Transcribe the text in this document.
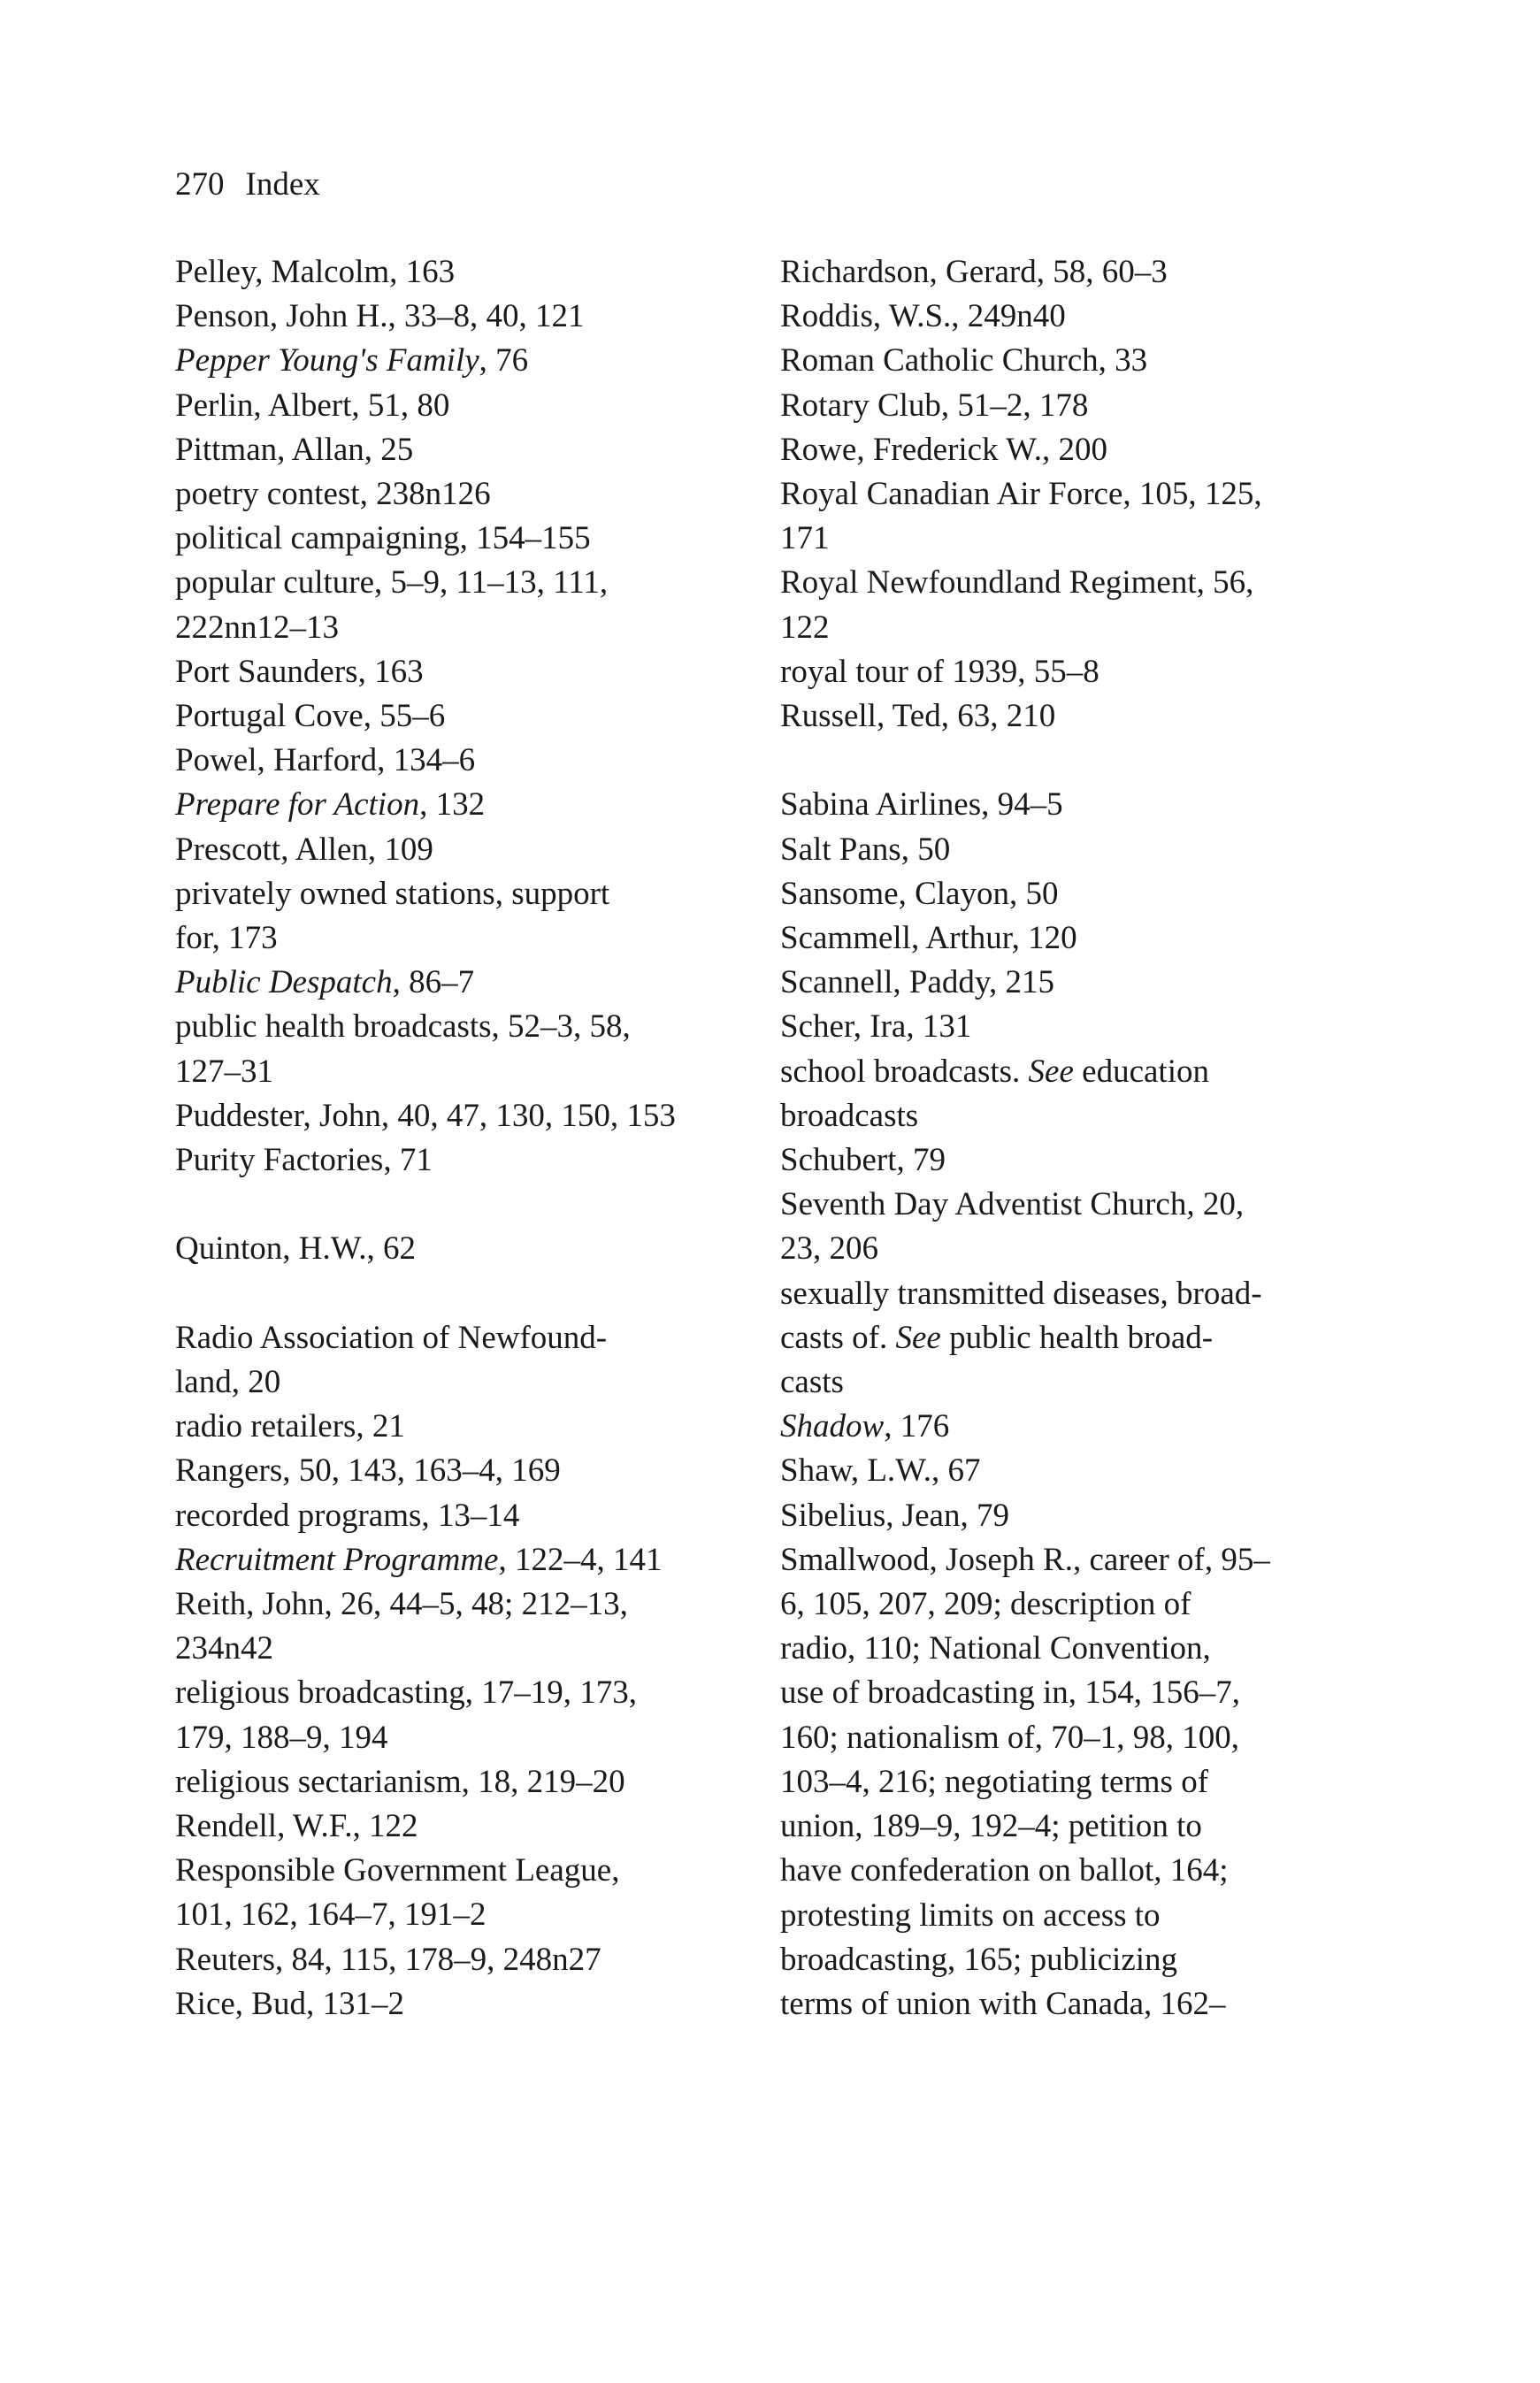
270 Index
Pelley, Malcolm, 163
Penson, John H., 33–8, 40, 121
Pepper Young's Family, 76
Perlin, Albert, 51, 80
Pittman, Allan, 25
poetry contest, 238n126
political campaigning, 154–155
popular culture, 5–9, 11–13, 111,
222nn12–13
Port Saunders, 163
Portugal Cove, 55–6
Powel, Harford, 134–6
Prepare for Action, 132
Prescott, Allen, 109
privately owned stations, support
for, 173
Public Despatch, 86–7
public health broadcasts, 52–3, 58,
127–31
Puddester, John, 40, 47, 130, 150, 153
Purity Factories, 71
Quinton, H.W., 62
Radio Association of Newfound-
land, 20
radio retailers, 21
Rangers, 50, 143, 163–4, 169
recorded programs, 13–14
Recruitment Programme, 122–4, 141
Reith, John, 26, 44–5, 48; 212–13,
234n42
religious broadcasting, 17–19, 173,
179, 188–9, 194
religious sectarianism, 18, 219–20
Rendell, W.F., 122
Responsible Government League,
101, 162, 164–7, 191–2
Reuters, 84, 115, 178–9, 248n27
Rice, Bud, 131–2
Richardson, Gerard, 58, 60–3
Roddis, W.S., 249n40
Roman Catholic Church, 33
Rotary Club, 51–2, 178
Rowe, Frederick W., 200
Royal Canadian Air Force, 105, 125,
171
Royal Newfoundland Regiment, 56,
122
royal tour of 1939, 55–8
Russell, Ted, 63, 210
Sabina Airlines, 94–5
Salt Pans, 50
Sansome, Clayon, 50
Scammell, Arthur, 120
Scannell, Paddy, 215
Scher, Ira, 131
school broadcasts. See education
broadcasts
Schubert, 79
Seventh Day Adventist Church, 20,
23, 206
sexually transmitted diseases, broad-
casts of. See public health broad-
casts
Shadow, 176
Shaw, L.W., 67
Sibelius, Jean, 79
Smallwood, Joseph R., career of, 95–
6, 105, 207, 209; description of
radio, 110; National Convention,
use of broadcasting in, 154, 156–7,
160; nationalism of, 70–1, 98, 100,
103–4, 216; negotiating terms of
union, 189–9, 192–4; petition to
have confederation on ballot, 164;
protesting limits on access to
broadcasting, 165; publicizing
terms of union with Canada, 162–
